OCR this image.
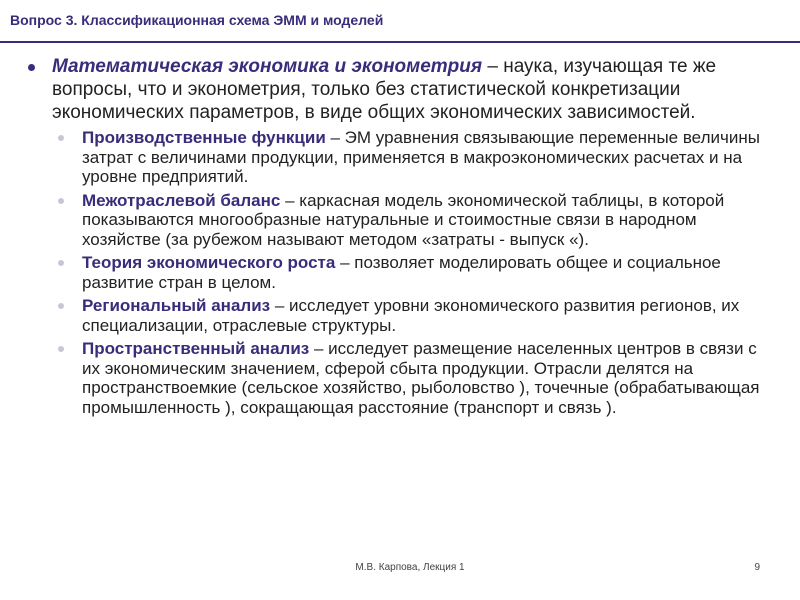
Вопрос 3. Классификационная схема ЭММ и моделей
Математическая экономика и эконометрия – наука, изучающая те же вопросы, что и эконометрия, только без статистической конкретизации экономических параметров, в виде общих экономических зависимостей.
Производственные функции – ЭМ уравнения связывающие переменные величины затрат с величинами продукции, применяется в макроэкономических расчетах и на уровне предприятий.
Межотраслевой баланс – каркасная модель экономической таблицы, в которой показываются многообразные натуральные и стоимостные связи в народном хозяйстве (за рубежом называют методом «затраты - выпуск «).
Теория экономического роста – позволяет моделировать общее и социальное развитие стран в целом.
Региональный анализ – исследует уровни экономического развития регионов, их специализации, отраслевые структуры.
Пространственный анализ – исследует размещение населенных центров в связи с их экономическим значением, сферой сбыта продукции. Отрасли делятся на пространствоемкие (сельское хозяйство, рыболовство ), точечные (обрабатывающая промышленность ), сокращающая расстояние (транспорт и связь ).
М.В. Карпова, Лекция 1	9
